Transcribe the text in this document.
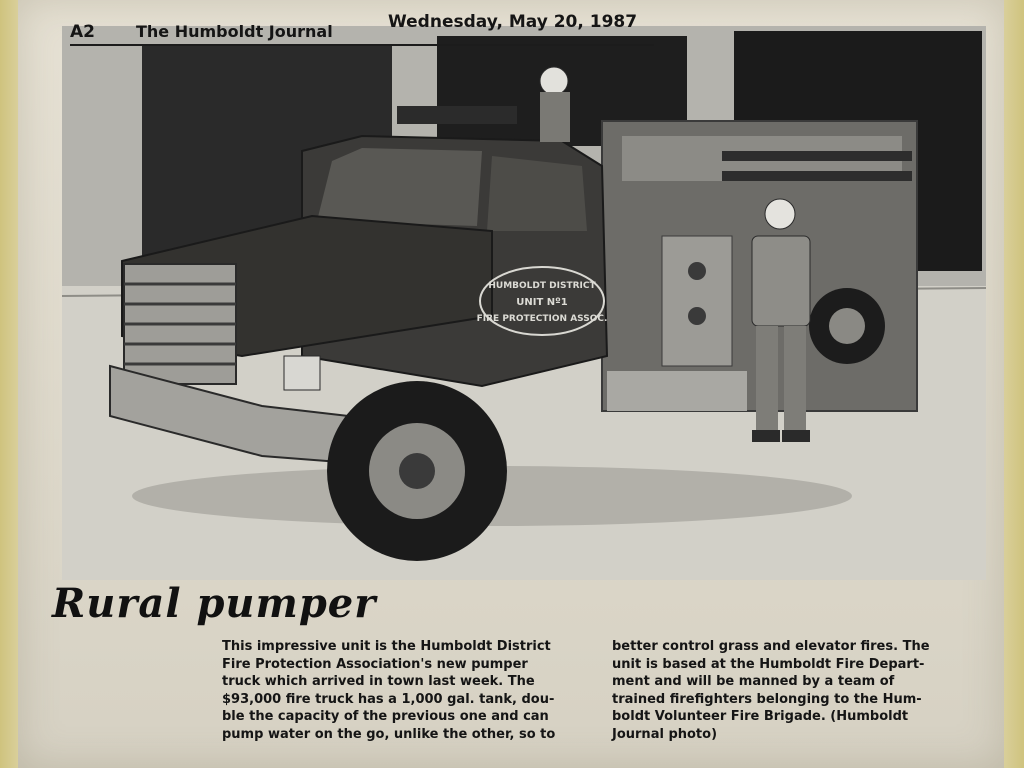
HUMBOLDT DISTRICT
UNIT Nº1
FIRE PROTECTION ASSOC.
A2	The Humboldt Journal	Wednesday, May 20, 1987
Rural pumper
This impressive unit is the Humboldt District
Fire Protection Association's new pumper
truck which arrived in town last week. The
$93,000 fire truck has a 1,000 gal. tank, dou-
ble the capacity of the previous one and can
pump water on the go, unlike the other, so to
better control grass and elevator fires. The
unit is based at the Humboldt Fire Depart-
ment and will be manned by a team of
trained firefighters belonging to the Hum-
boldt Volunteer Fire Brigade. (Humboldt
Journal photo)
